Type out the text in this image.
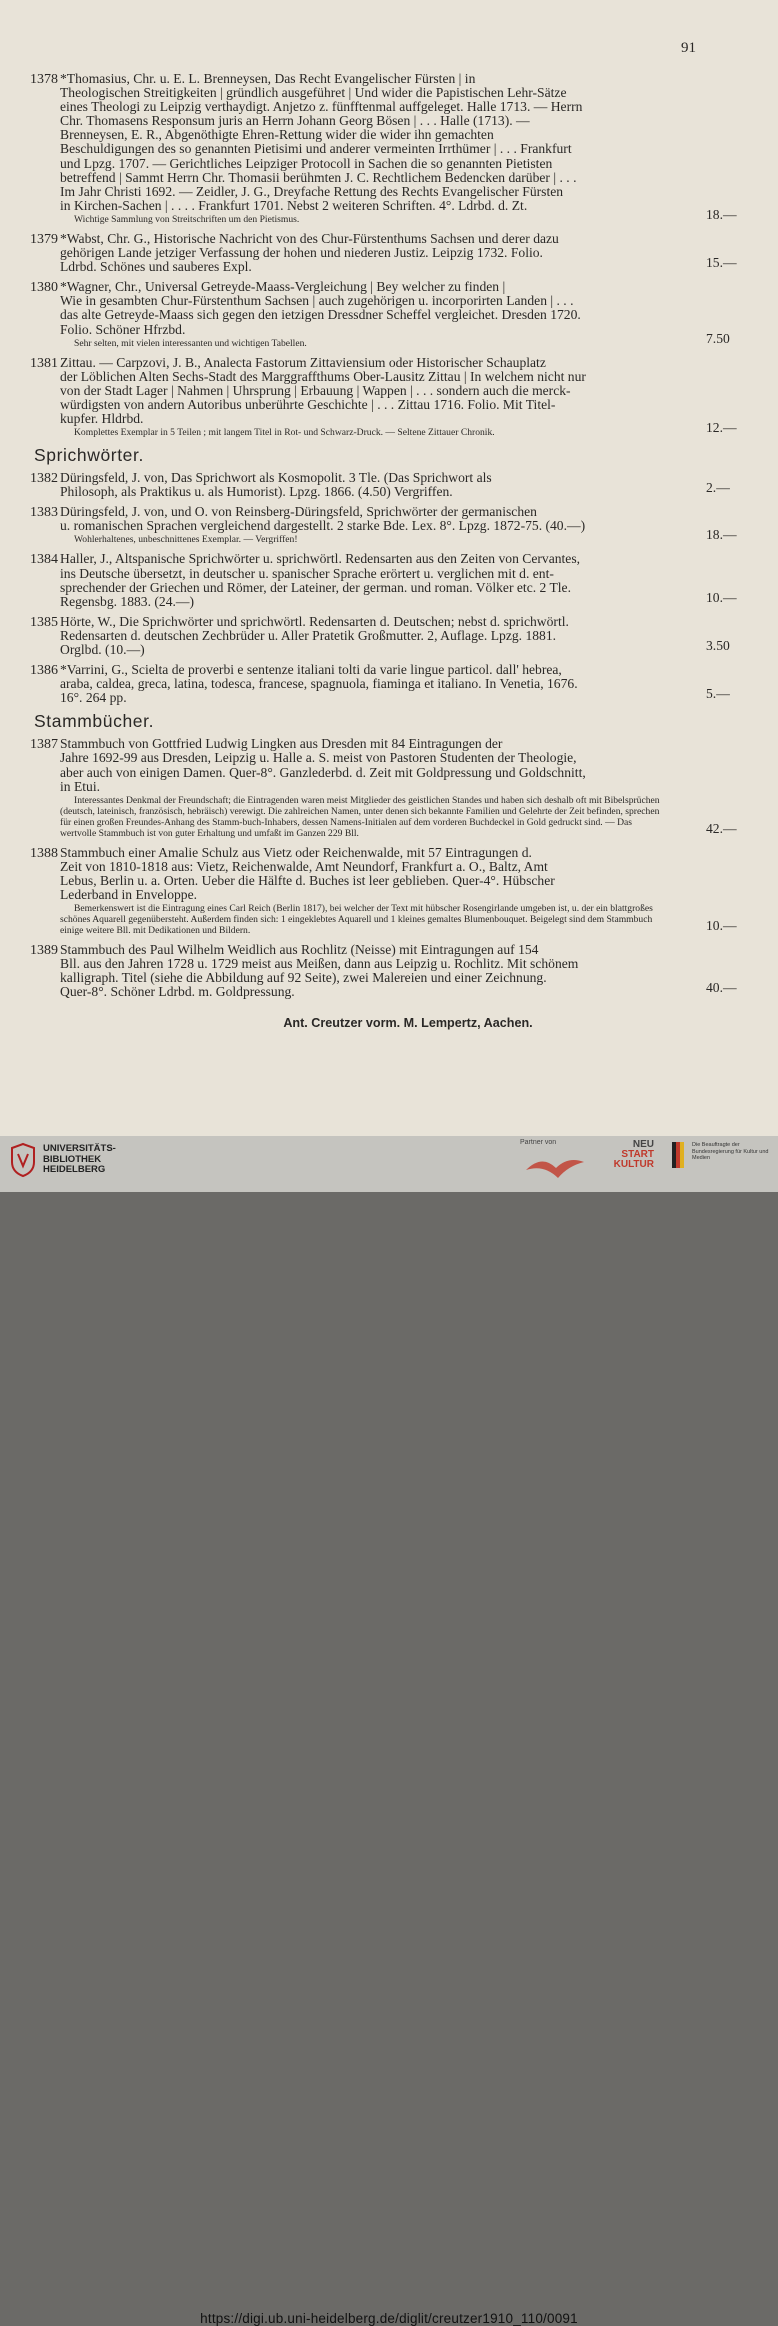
91
1378 *Thomasius, Chr. u. E. L. Brenneysen, Das Recht Evangelischer Fürsten | in
Theologischen Streitigkeiten | gründlich ausgeführet | Und wider die Papistischen Lehr-Sätze
eines Theologi zu Leipzig verthaydigt. Anjetzo z. fünfftenmal auffgeleget. Halle 1713. — Herrn
Chr. Thomasens Responsum juris an Herrn Johann Georg Bösen | . . . Halle (1713). —
Brenneysen, E. R., Abgenöthigte Ehren-Rettung wider die wider ihn gemachten
Beschuldigungen des so genannten Pietisimi und anderer vermeinten Irrthümer | . . . Frankfurt
und Lpzg. 1707. — Gerichtliches Leipziger Protocoll in Sachen die so genannten Pietisten
betreffend | Sammt Herrn Chr. Thomasii berühmten J. C. Rechtlichem Bedencken darüber | . . .
Im Jahr Christi 1692. — Zeidler, J. G., Dreyfache Rettung des Rechts Evangelischer Fürsten
in Kirchen-Sachen | . . . . Frankfurt 1701. Nebst 2 weiteren Schriften. 4°. Ldrbd. d. Zt.
Wichtige Sammlung von Streitschriften um den Pietismus.	18.—
1379 *Wabst, Chr. G., Historische Nachricht von des Chur-Fürstenthums Sachsen und derer dazu
gehörigen Lande jetziger Verfassung der hohen und niederen Justiz. Leipzig 1732. Folio.
Ldrbd. Schönes und sauberes Expl.	15.—
1380 *Wagner, Chr., Universal Getreyde-Maass-Vergleichung | Bey welcher zu finden |
Wie in gesambten Chur-Fürstenthum Sachsen | auch zugehörigen u. incorporirten Landen | . . .
das alte Getreyde-Maass sich gegen den ietzigen Dressdner Scheffel vergleichet. Dresden 1720.
Folio. Schöner Hfrzbd.
Sehr selten, mit vielen interessanten und wichtigen Tabellen.	7.50
1381 Zittau. — Carpzovi, J. B., Analecta Fastorum Zittaviensium oder Historischer Schauplatz
der Löblichen Alten Sechs-Stadt des Marggraffthums Ober-Lausitz Zittau | In welchem nicht nur
von der Stadt Lager | Nahmen | Uhrsprung | Erbauung | Wappen | . . . sondern auch die merck-
würdigsten von andern Autoribus unberührte Geschichte | . . . Zittau 1716. Folio. Mit Titel-
kupfer. Hldrbd.
Komplettes Exemplar in 5 Teilen ; mit langem Titel in Rot- und Schwarz-Druck. — Seltene Zittauer Chronik.	12.—
Sprichwörter.
1382 Düringsfeld, J. von, Das Sprichwort als Kosmopolit. 3 Tle. (Das Sprichwort als
Philosoph, als Praktikus u. als Humorist). Lpzg. 1866. (4.50) Vergriffen.	2.—
1383 Düringsfeld, J. von, und O. von Reinsberg-Düringsfeld, Sprichwörter der germanischen
u. romanischen Sprachen vergleichend dargestellt. 2 starke Bde. Lex. 8°. Lpzg. 1872-75. (40.—)
Wohlerhaltenes, unbeschnittenes Exemplar. — Vergriffen!	18.—
1384 Haller, J., Altspanische Sprichwörter u. sprichwörtl. Redensarten aus den Zeiten von Cervantes,
ins Deutsche übersetzt, in deutscher u. spanischer Sprache erörtert u. verglichen mit d. ent-
sprechender der Griechen und Römer, der Lateiner, der german. und roman. Völker etc. 2 Tle.
Regensbg. 1883. (24.—)	10.—
1385 Hörte, W., Die Sprichwörter und sprichwörtl. Redensarten d. Deutschen; nebst d. sprichwörtl.
Redensarten d. deutschen Zechbrüder u. Aller Pratetik Großmutter. 2, Auflage. Lpzg. 1881.
Orglbd. (10.—)	3.50
1386 *Varrini, G., Scielta de proverbi e sentenze italiani tolti da varie lingue particol. dall' hebrea,
araba, caldea, greca, latina, todesca, francese, spagnuola, fiaminga et italiano. In Venetia, 1676.
16°. 264 pp.	5.—
Stammbücher.
1387 Stammbuch von Gottfried Ludwig Lingken aus Dresden mit 84 Eintragungen der
Jahre 1692-99 aus Dresden, Leipzig u. Halle a. S. meist von Pastoren Studenten der Theologie,
aber auch von einigen Damen. Quer-8°. Ganzlederbd. d. Zeit mit Goldpressung und Goldschnitt,
in Etui.
Interessantes Denkmal der Freundschaft; die Eintragenden waren meist Mitglieder des geistlichen Standes und haben sich deshalb oft mit Bibelsprüchen (deutsch, lateinisch, französisch, hebräisch) verewigt. Die zahlreichen Namen, unter denen sich bekannte Familien und Gelehrte der Zeit befinden, sprechen für einen großen Freundes-Anhang des Stamm-buch-Inhabers, dessen Namens-Initialen auf dem vorderen Buchdeckel in Gold gedruckt sind. — Das wertvolle Stammbuch ist von guter Erhaltung und umfaßt im Ganzen 229 Bll.	42.—
1388 Stammbuch einer Amalie Schulz aus Vietz oder Reichenwalde, mit 57 Eintragungen d.
Zeit von 1810-1818 aus: Vietz, Reichenwalde, Amt Neundorf, Frankfurt a. O., Baltz, Amt
Lebus, Berlin u. a. Orten. Ueber die Hälfte d. Buches ist leer geblieben. Quer-4°. Hübscher
Lederband in Enveloppe.
Bemerkenswert ist die Eintragung eines Carl Reich (Berlin 1817), bei welcher der Text mit hübscher Rosengirlande umgeben ist, u. der ein blattgroßes schönes Aquarell gegenübersteht. Außerdem finden sich: 1 eingeklebtes Aquarell und 1 kleines gemaltes Blumenbouquet. Beigelegt sind dem Stammbuch einige weitere Bll. mit Dedikationen und Bildern.	10.—
1389 Stammbuch des Paul Wilhelm Weidlich aus Rochlitz (Neisse) mit Eintragungen auf 154
Bll. aus den Jahren 1728 u. 1729 meist aus Meißen, dann aus Leipzig u. Rochlitz. Mit schönem
kalligraph. Titel (siehe die Abbildung auf 92 Seite), zwei Malereien und einer Zeichnung.
Quer-8°. Schöner Ldrbd. m. Goldpressung.	40.—
Ant. Creutzer vorm. M. Lempertz, Aachen.
UNIVERSITÄTS-
BIBLIOTHEK
HEIDELBERG
Partner von	NEU
START
KULTUR
Die Beauftragte der Bundesregierung für Kultur und Medien
https://digi.ub.uni-heidelberg.de/diglit/creutzer1910_110/0091
